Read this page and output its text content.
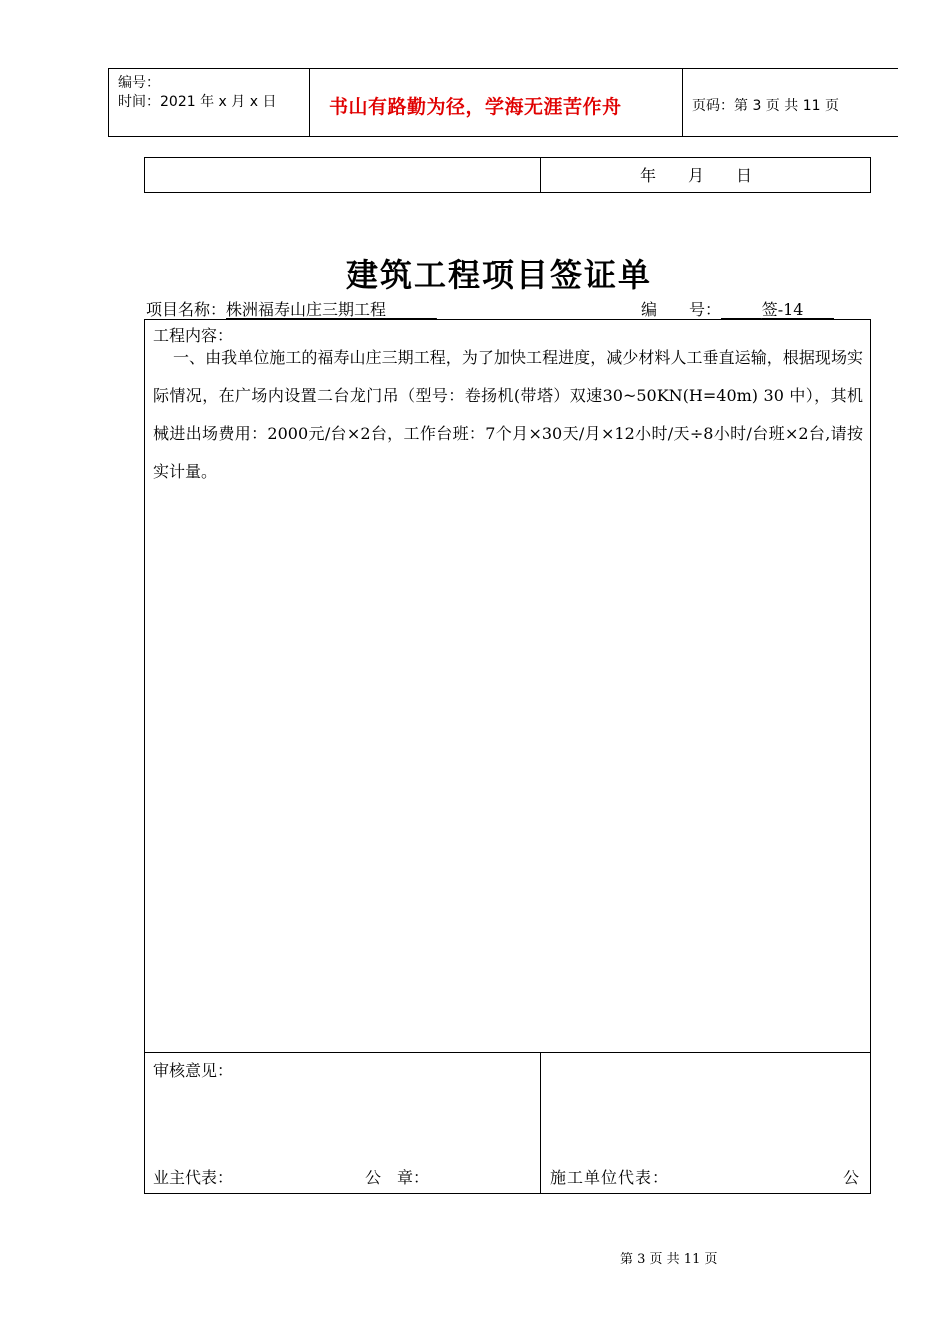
编号：
时间：2021 年 x 月 x 日	书山有路勤为径，学海无涯苦作舟	页码：第 3 页 共 11 页
年　　月　　日
建筑工程项目签证单
项目名称：株洲福寿山庄三期工程	编　　号：	签-14
工程内容：
一、由我单位施工的福寿山庄三期工程，为了加快工程进度，减少材料人工垂直运输，根据现场实际情况，在广场内设置二台龙门吊（型号：卷扬机(带塔）双速30~50KN(H=40m) 30 中），其机械进出场费用：2000元/台×2台，工作台班：7个月×30天/月×12小时/天÷8小时/台班×2台,请按实计量。
审核意见：
业主代表：	公　章：	施工单位代表：	公
第 3 页 共 11 页
